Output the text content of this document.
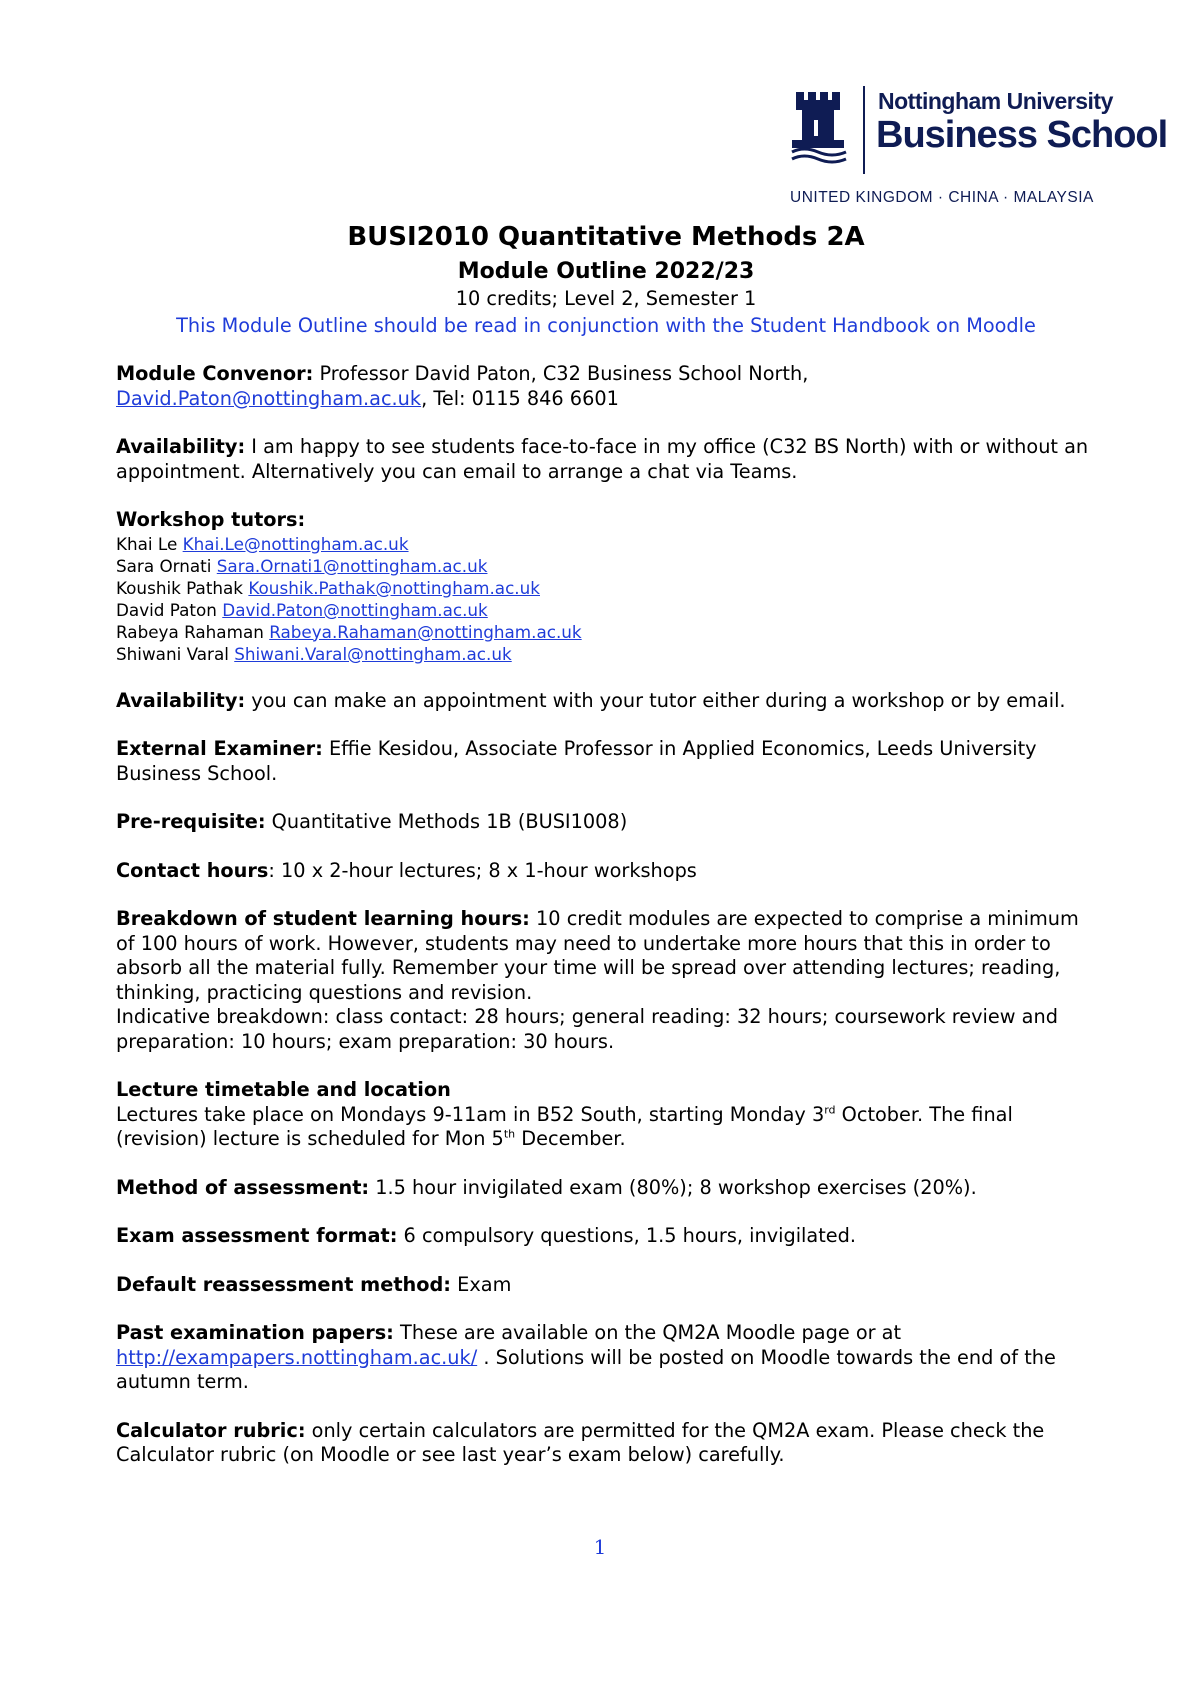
Nottingham University
Business School
UNITED KINGDOM · CHINA · MALAYSIA
BUSI2010 Quantitative Methods 2A
Module Outline 2022/23
10 credits; Level 2, Semester 1
This Module Outline should be read in conjunction with the Student Handbook on Moodle

Module Convenor: Professor David Paton, C32 Business School North,
David.Paton@nottingham.ac.uk, Tel: 0115 846 6601

Availability: I am happy to see students face-to-face in my office (C32 BS North) with or without an appointment. Alternatively you can email to arrange a chat via Teams.

Workshop tutors:
Khai Le Khai.Le@nottingham.ac.uk
Sara Ornati Sara.Ornati1@nottingham.ac.uk
Koushik Pathak Koushik.Pathak@nottingham.ac.uk
David Paton David.Paton@nottingham.ac.uk
Rabeya Rahaman Rabeya.Rahaman@nottingham.ac.uk
Shiwani Varal Shiwani.Varal@nottingham.ac.uk

Availability: you can make an appointment with your tutor either during a workshop or by email.

External Examiner: Effie Kesidou, Associate Professor in Applied Economics, Leeds University Business School.

Pre-requisite: Quantitative Methods 1B (BUSI1008)

Contact hours: 10 x 2-hour lectures; 8 x 1-hour workshops

Breakdown of student learning hours: 10 credit modules are expected to comprise a minimum of 100 hours of work. However, students may need to undertake more hours that this in order to absorb all the material fully. Remember your time will be spread over attending lectures; reading, thinking, practicing questions and revision.
Indicative breakdown: class contact: 28 hours; general reading: 32 hours; coursework review and preparation: 10 hours; exam preparation: 30 hours.

Lecture timetable and location
Lectures take place on Mondays 9-11am in B52 South, starting Monday 3rd October. The final (revision) lecture is scheduled for Mon 5th December.

Method of assessment: 1.5 hour invigilated exam (80%); 8 workshop exercises (20%).

Exam assessment format: 6 compulsory questions, 1.5 hours, invigilated.

Default reassessment method: Exam

Past examination papers: These are available on the QM2A Moodle page or at
http://exampapers.nottingham.ac.uk/ . Solutions will be posted on Moodle towards the end of the autumn term.

Calculator rubric: only certain calculators are permitted for the QM2A exam. Please check the Calculator rubric (on Moodle or see last year’s exam below) carefully.

1
